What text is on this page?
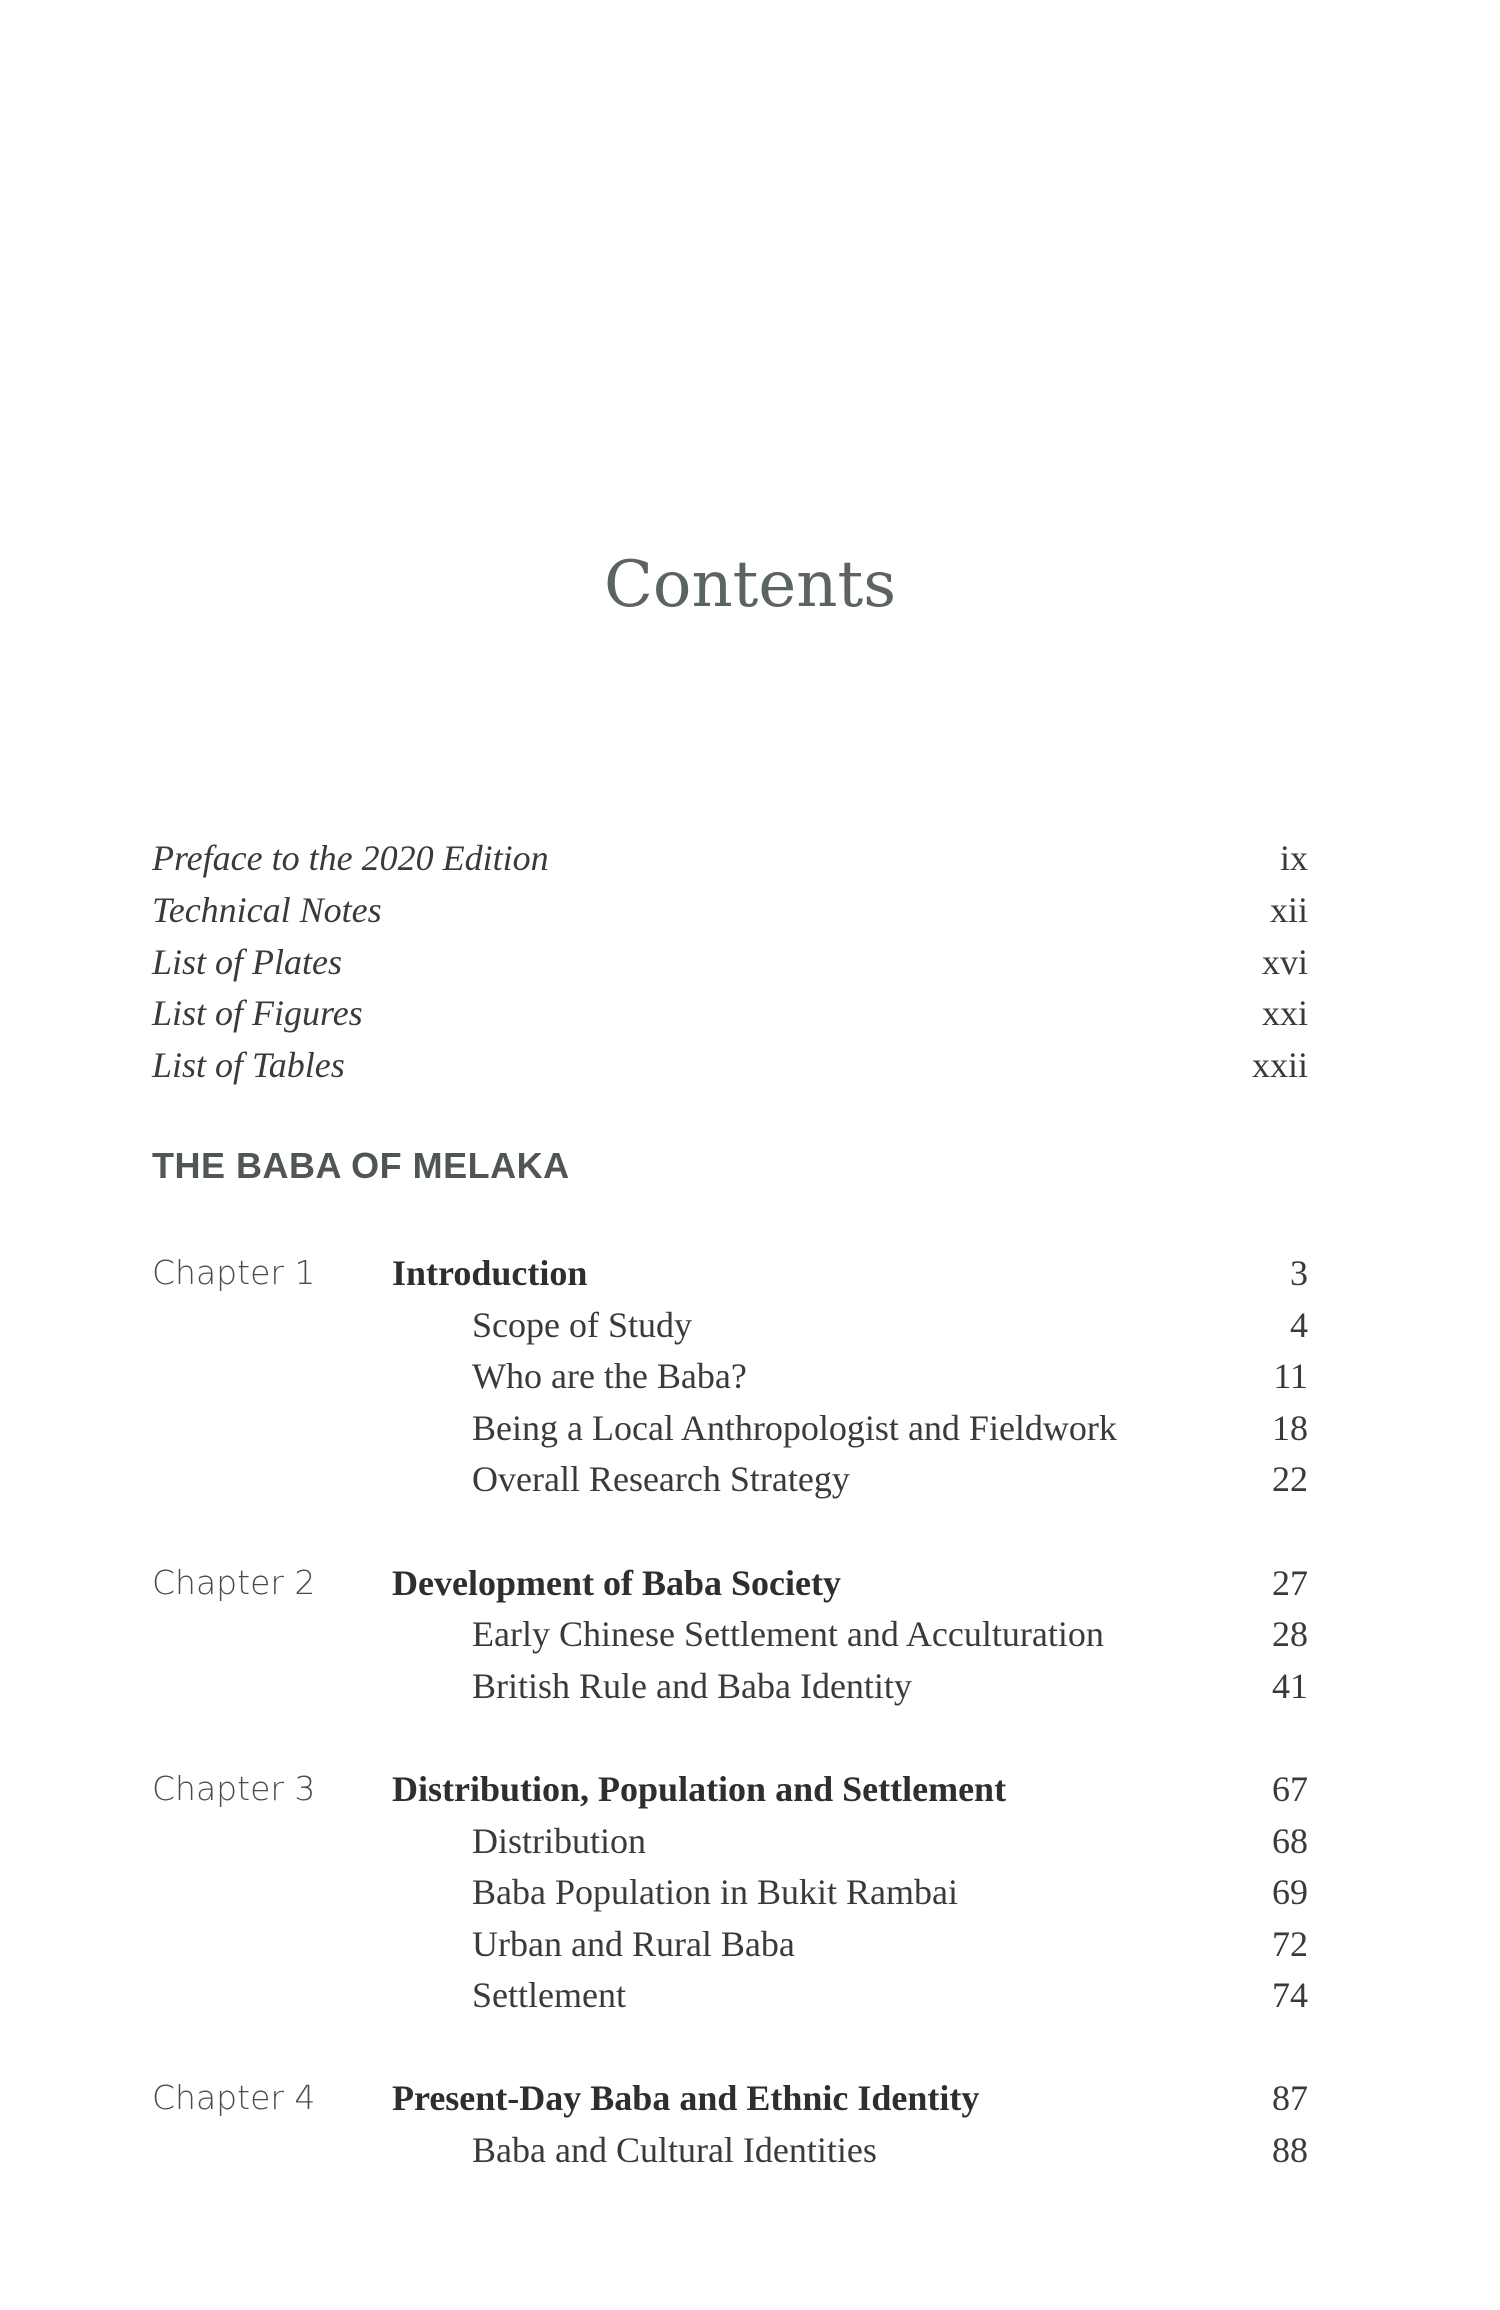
Contents
Preface to the 2020 Edition	ix
Technical Notes	xii
List of Plates	xvi
List of Figures	xxi
List of Tables	xxii
THE BABA OF MELAKA
Chapter 1 Introduction	3
Scope of Study	4
Who are the Baba?	11
Being a Local Anthropologist and Fieldwork	18
Overall Research Strategy	22
Chapter 2 Development of Baba Society	27
Early Chinese Settlement and Acculturation	28
British Rule and Baba Identity	41
Chapter 3 Distribution, Population and Settlement	67
Distribution	68
Baba Population in Bukit Rambai	69
Urban and Rural Baba	72
Settlement	74
Chapter 4 Present-Day Baba and Ethnic Identity	87
Baba and Cultural Identities	88
